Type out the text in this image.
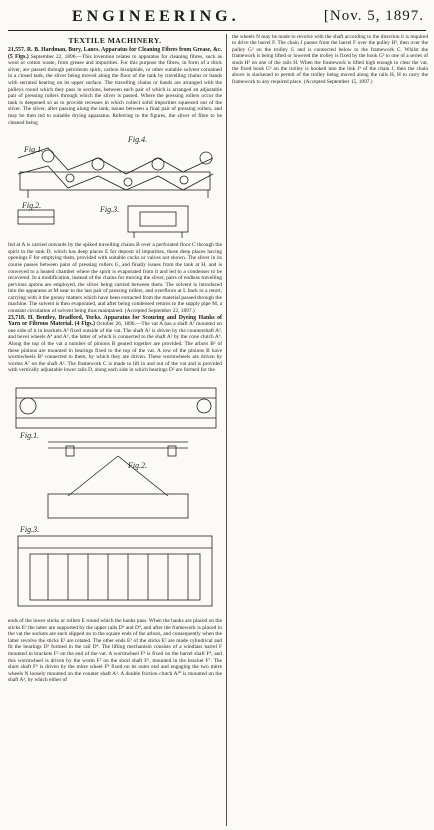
ENGINEERING.	[Nov. 5, 1897.
TEXTILE MACHINERY.

21,557. R. B. Hardman, Bury, Lancs. Apparatus for Cleaning Fibres from Grease, &c. (5 Figs.) September 22, 1896.—This invention relates to apparatus for cleaning fibres, such as wool or cotton waste, from grease and impurities. For this purpose the fibres, in form of a thick sliver, are passed through petroleum spirit, carbon bisulphide, or other suitable solvent contained in a closed tank, the sliver being moved along the floor of the tank by travelling chains or bands with serrated bearing on its upper surface. The travelling chains or bands are arranged with the pulleys round which they pass in sections, between each pair of which is arranged an adjustable pair of pressing rollers through which the sliver is passed. Where the pressing rollers occur the tank is deepened so as to provide recesses in which collect solid impurities squeezed out of the sliver. The sliver, after passing along the tank, issues between a final pair of pressing rollers, and may be then led to suitable drying apparatus. Referring to the figures, the sliver of fibre to be cleaned being

Fig.1.
Fig.4.
Fig.2.	Fig.3.

fed at A is carried onwards by the spiked travelling chains B over a perforated floor C through the spirit in the tank D, which has deep places E for deposit of impurities, these deep places having openings F for emptying them, provided with suitable cocks or valves not shown. The sliver in its course passes between pairs of pressing rollers G, and finally issues from the tank at H, and is conveyed to a heated chamber where the spirit is evaporated from it and led to a condenser to be recovered. In a modification, instead of the chains for moving the sliver, pairs of endless travelling pervious aprons are employed, the sliver being carried between them. The solvent is introduced into the apparatus at M near to the last pair of pressing rollers, and overflows at L back to a retort, carrying with it the greasy matters which have been extracted from the material passed through the machine. The solvent is then evaporated, and after being condensed returns to the supply pipe M, a constant circulation of solvent being thus maintained. (Accepted September 22, 1897.)

23,718. H. Bentley, Bradford, Yorks. Apparatus for Scouring and Dyeing Hanks of Yarn or Fibrous Material. (4 Figs.) October 26, 1896.—The vat A has a shaft A² mounted on one side of it in brackets A³ fixed outside of the vat. The shaft A² is driven by the countershaft A³, and bevel wheels A⁴ and A⁵, the latter of which is connected to the shaft A² by the cone clutch A⁶. Along the top of the vat a number of pinions B geared together are provided. The arbors B² of these pinions are mounted in bearings fixed to the top of the vat. A row of the pinions B have wormwheels B³ connected to them, by which they are driven. These wormwheels are driven by worms A⁷ on the shaft A². The framework C is made to lift in and out of the vat and is provided with vertically adjustable lower rails D, along each side in which bearings D² are formed for the

Fig.1.
Fig.2.
Fig.3.

ends of the lower sticks or rollers E round which the hanks pass. When the hanks are placed on the sticks E² the latter are supported by the upper rails D³ and D⁴, and after the framework is placed in the vat the sockets are each slipped on to the square ends of the arbors, and consequently when the latter revolve the sticks E² are rotated. The other ends E³ of the sticks E² are made cylindrical and fit the bearings D² formed in the rail D⁴. The lifting mechanism consists of a windlass barrel F mounted in brackets F² on the end of the vat. A wormwheel F³ is fixed on the barrel shaft F⁴, and this wormwheel is driven by the worm F⁵ on the short shaft F⁶, mounted in the bracket F⁷. The short shaft F⁶ is driven by the mitre wheel F⁸ fixed on its outer end and engaging the two mitre wheels N loosely mounted on the counter shaft A³. A double friction clutch A¹⁰ is mounted on the shaft A³, by which either of

the wheels N may be made to revolve with the shaft according to the direction it is required to drive the barrel F. The chain J passes from the barrel F over the pulley H², then over the pulley G² on the trolley G and is connected below to the framework C. Whilst the framework is being lifted or lowered the trolley is fixed by the hook G³ to one of a series of studs H³ on one of the rails H. When the framework is lifted high enough to clear the vat, the fixed hook G³ on the trolley is hooked into the link J³ of the chain J, then the chain above is slackened to permit of the trolley being moved along the rails H, H to carry the framework to any required place. (Accepted September 15, 1897.)
